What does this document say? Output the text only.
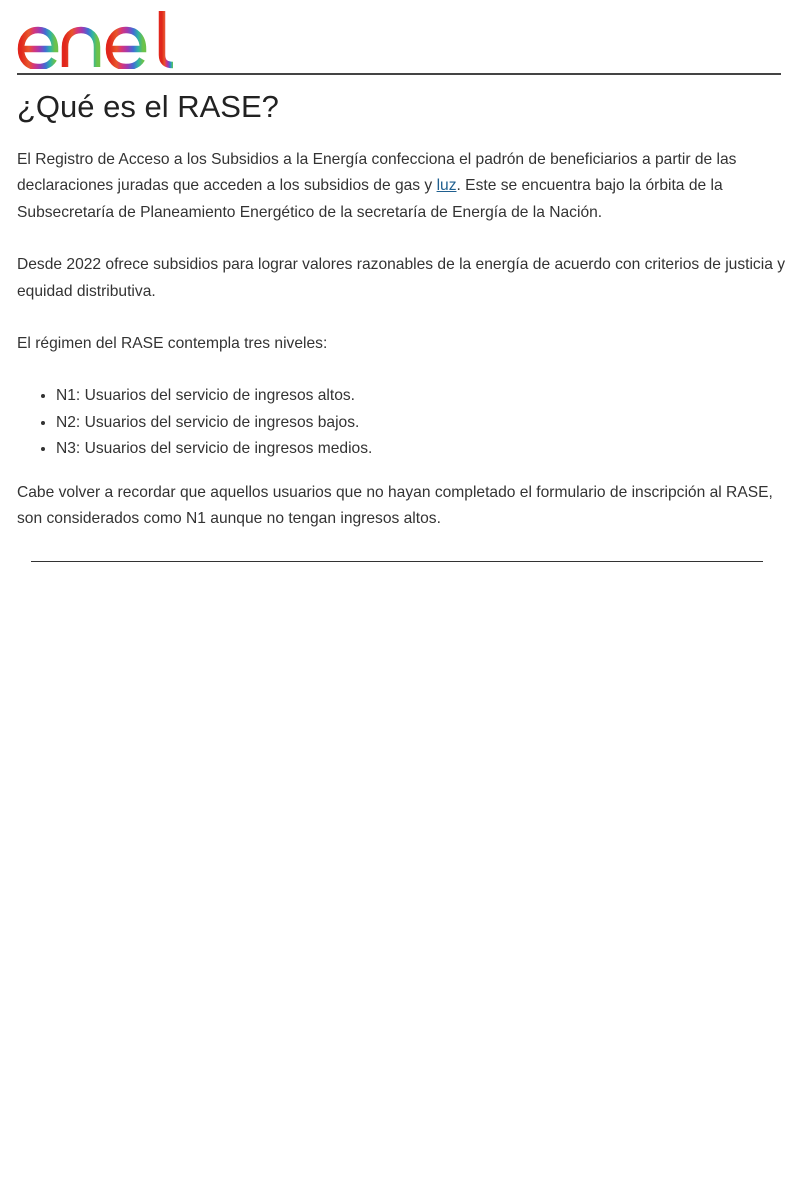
¿Qué es el RASE?

El Registro de Acceso a los Subsidios a la Energía confecciona el padrón de beneficiarios a partir de las declaraciones juradas que acceden a los subsidios de gas y luz. Este se encuentra bajo la órbita de la Subsecretaría de Planeamiento Energético de la secretaría de Energía de la Nación.

Desde 2022 ofrece subsidios para lograr valores razonables de la energía de acuerdo con criterios de justicia y equidad distributiva.

El régimen del RASE contempla tres niveles:

• N1: Usuarios del servicio de ingresos altos.
• N2: Usuarios del servicio de ingresos bajos.
• N3: Usuarios del servicio de ingresos medios.

Cabe volver a recordar que aquellos usuarios que no hayan completado el formulario de inscripción al RASE, son considerados como N1 aunque no tengan ingresos altos.
